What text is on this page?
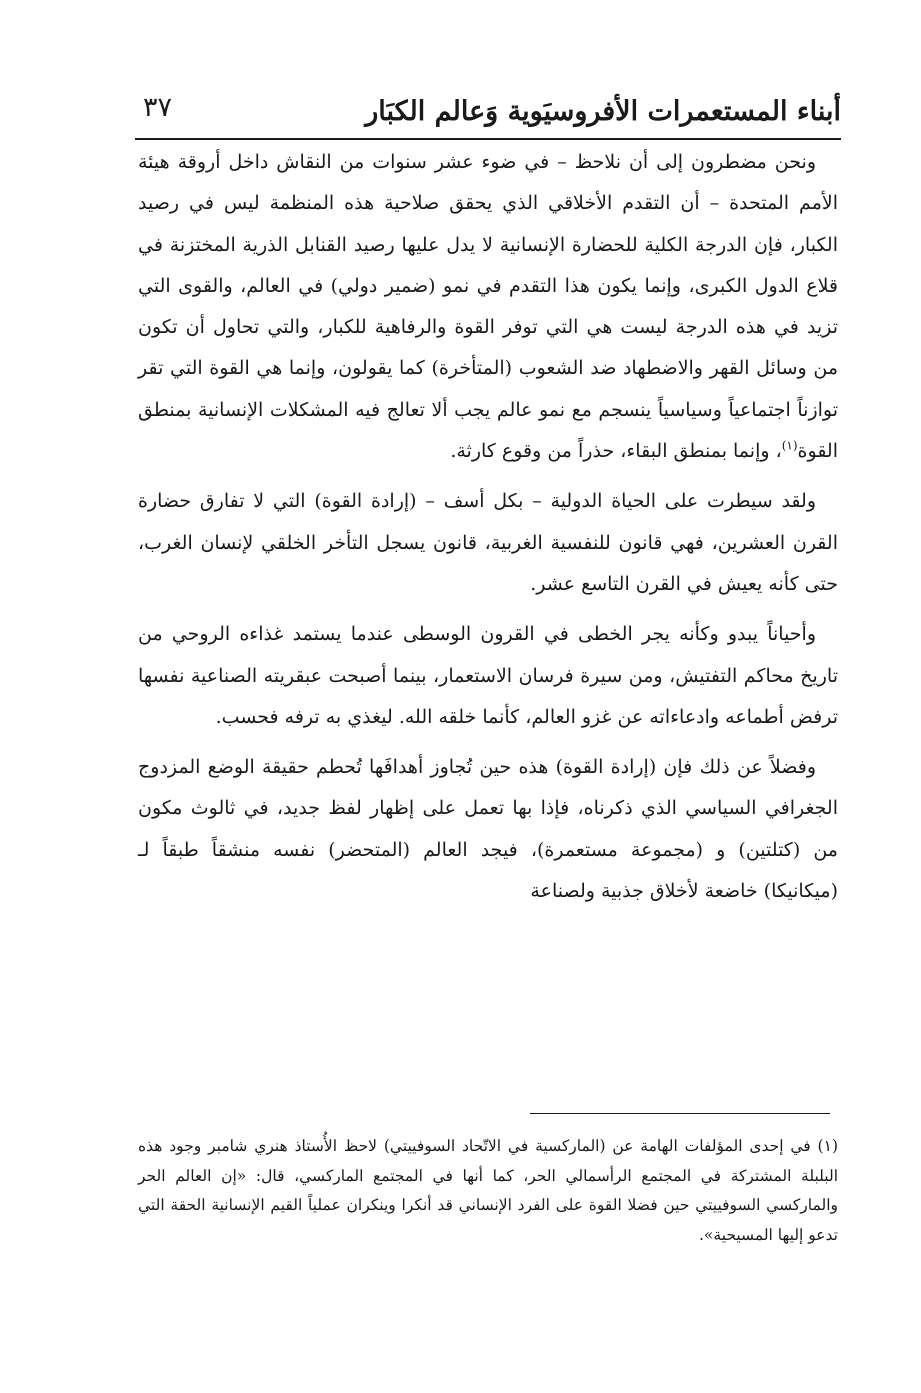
أبناء المستعمرات الأفروسيَوية وَعالم الكبَار
٣٧

ونحن مضطرون إلى أن نلاحظ – في ضوء عشر سنوات من النقاش داخل أروقة هيئة الأمم المتحدة – أن التقدم الأخلاقي الذي يحقق صلاحية هذه المنظمة ليس في رصيد الكبار، فإن الدرجة الكلية للحضارة الإنسانية لا يدل عليها رصيد القنابل الذرية المختزنة في قلاع الدول الكبرى، وإنما يكون هذا التقدم في نمو (ضمير دولي) في العالم، والقوى التي تزيد في هذه الدرجة ليست هي التي توفر القوة والرفاهية للكبار، والتي تحاول أن تكون من وسائل القهر والاضطهاد ضد الشعوب (المتأخرة) كما يقولون، وإنما هي القوة التي تقر توازناً اجتماعياً وسياسياً ينسجم مع نمو عالم يجب ألا تعالج فيه المشكلات الإنسانية بمنطق القوة$^{(١)}$، وإنما بمنطق البقاء، حذراً من وقوع كارثة.

ولقد سيطرت على الحياة الدولية – بكل أسف – (إرادة القوة) التي لا تفارق حضارة القرن العشرين، فهي قانون للنفسية الغربية، قانون يسجل التأخر الخلقي لإنسان الغرب، حتى كأنه يعيش في القرن التاسع عشر.

وأحياناً يبدو وكأنه يجر الخطى في القرون الوسطى عندما يستمد غذاءه الروحي من تاريخ محاكم التفتيش، ومن سيرة فرسان الاستعمار، بينما أصبحت عبقريته الصناعية نفسها ترفض أطماعه وادعاءاته عن غزو العالم، كأنما خلقه الله. ليغذي به ترفه فحسب.

وفضلاً عن ذلك فإن (إرادة القوة) هذه حين تُجاوز أهدافَها تُحطم حقيقة الوضع المزدوج الجغرافي السياسي الذي ذكرناه، فإذا بها تعمل على إظهار لفظ جديد، في ثالوث مكون من (كتلتين) و (مجموعة مستعمرة)، فيجد العالم (المتحضر) نفسه منشقاً طبقاً لـ (ميكانيكا) خاضعة لأخلاق جذبية ولصناعة

(١) في إحدى المؤلفات الهامة عن (الماركسية في الاتّحاد السوفييتي) لاحظ الأُستاذ هنري شامبر وجود هذه البلبلة المشتركة في المجتمع الرأسمالي الحر، كما أنها في المجتمع الماركسي، قال: «إن العالم الحر والماركسي السوفييتي حين فضلا القوة على الفرد الإنساني قد أنكرا وينكران عملياً القيم الإنسانية الحقة التي تدعو إليها المسيحية».
